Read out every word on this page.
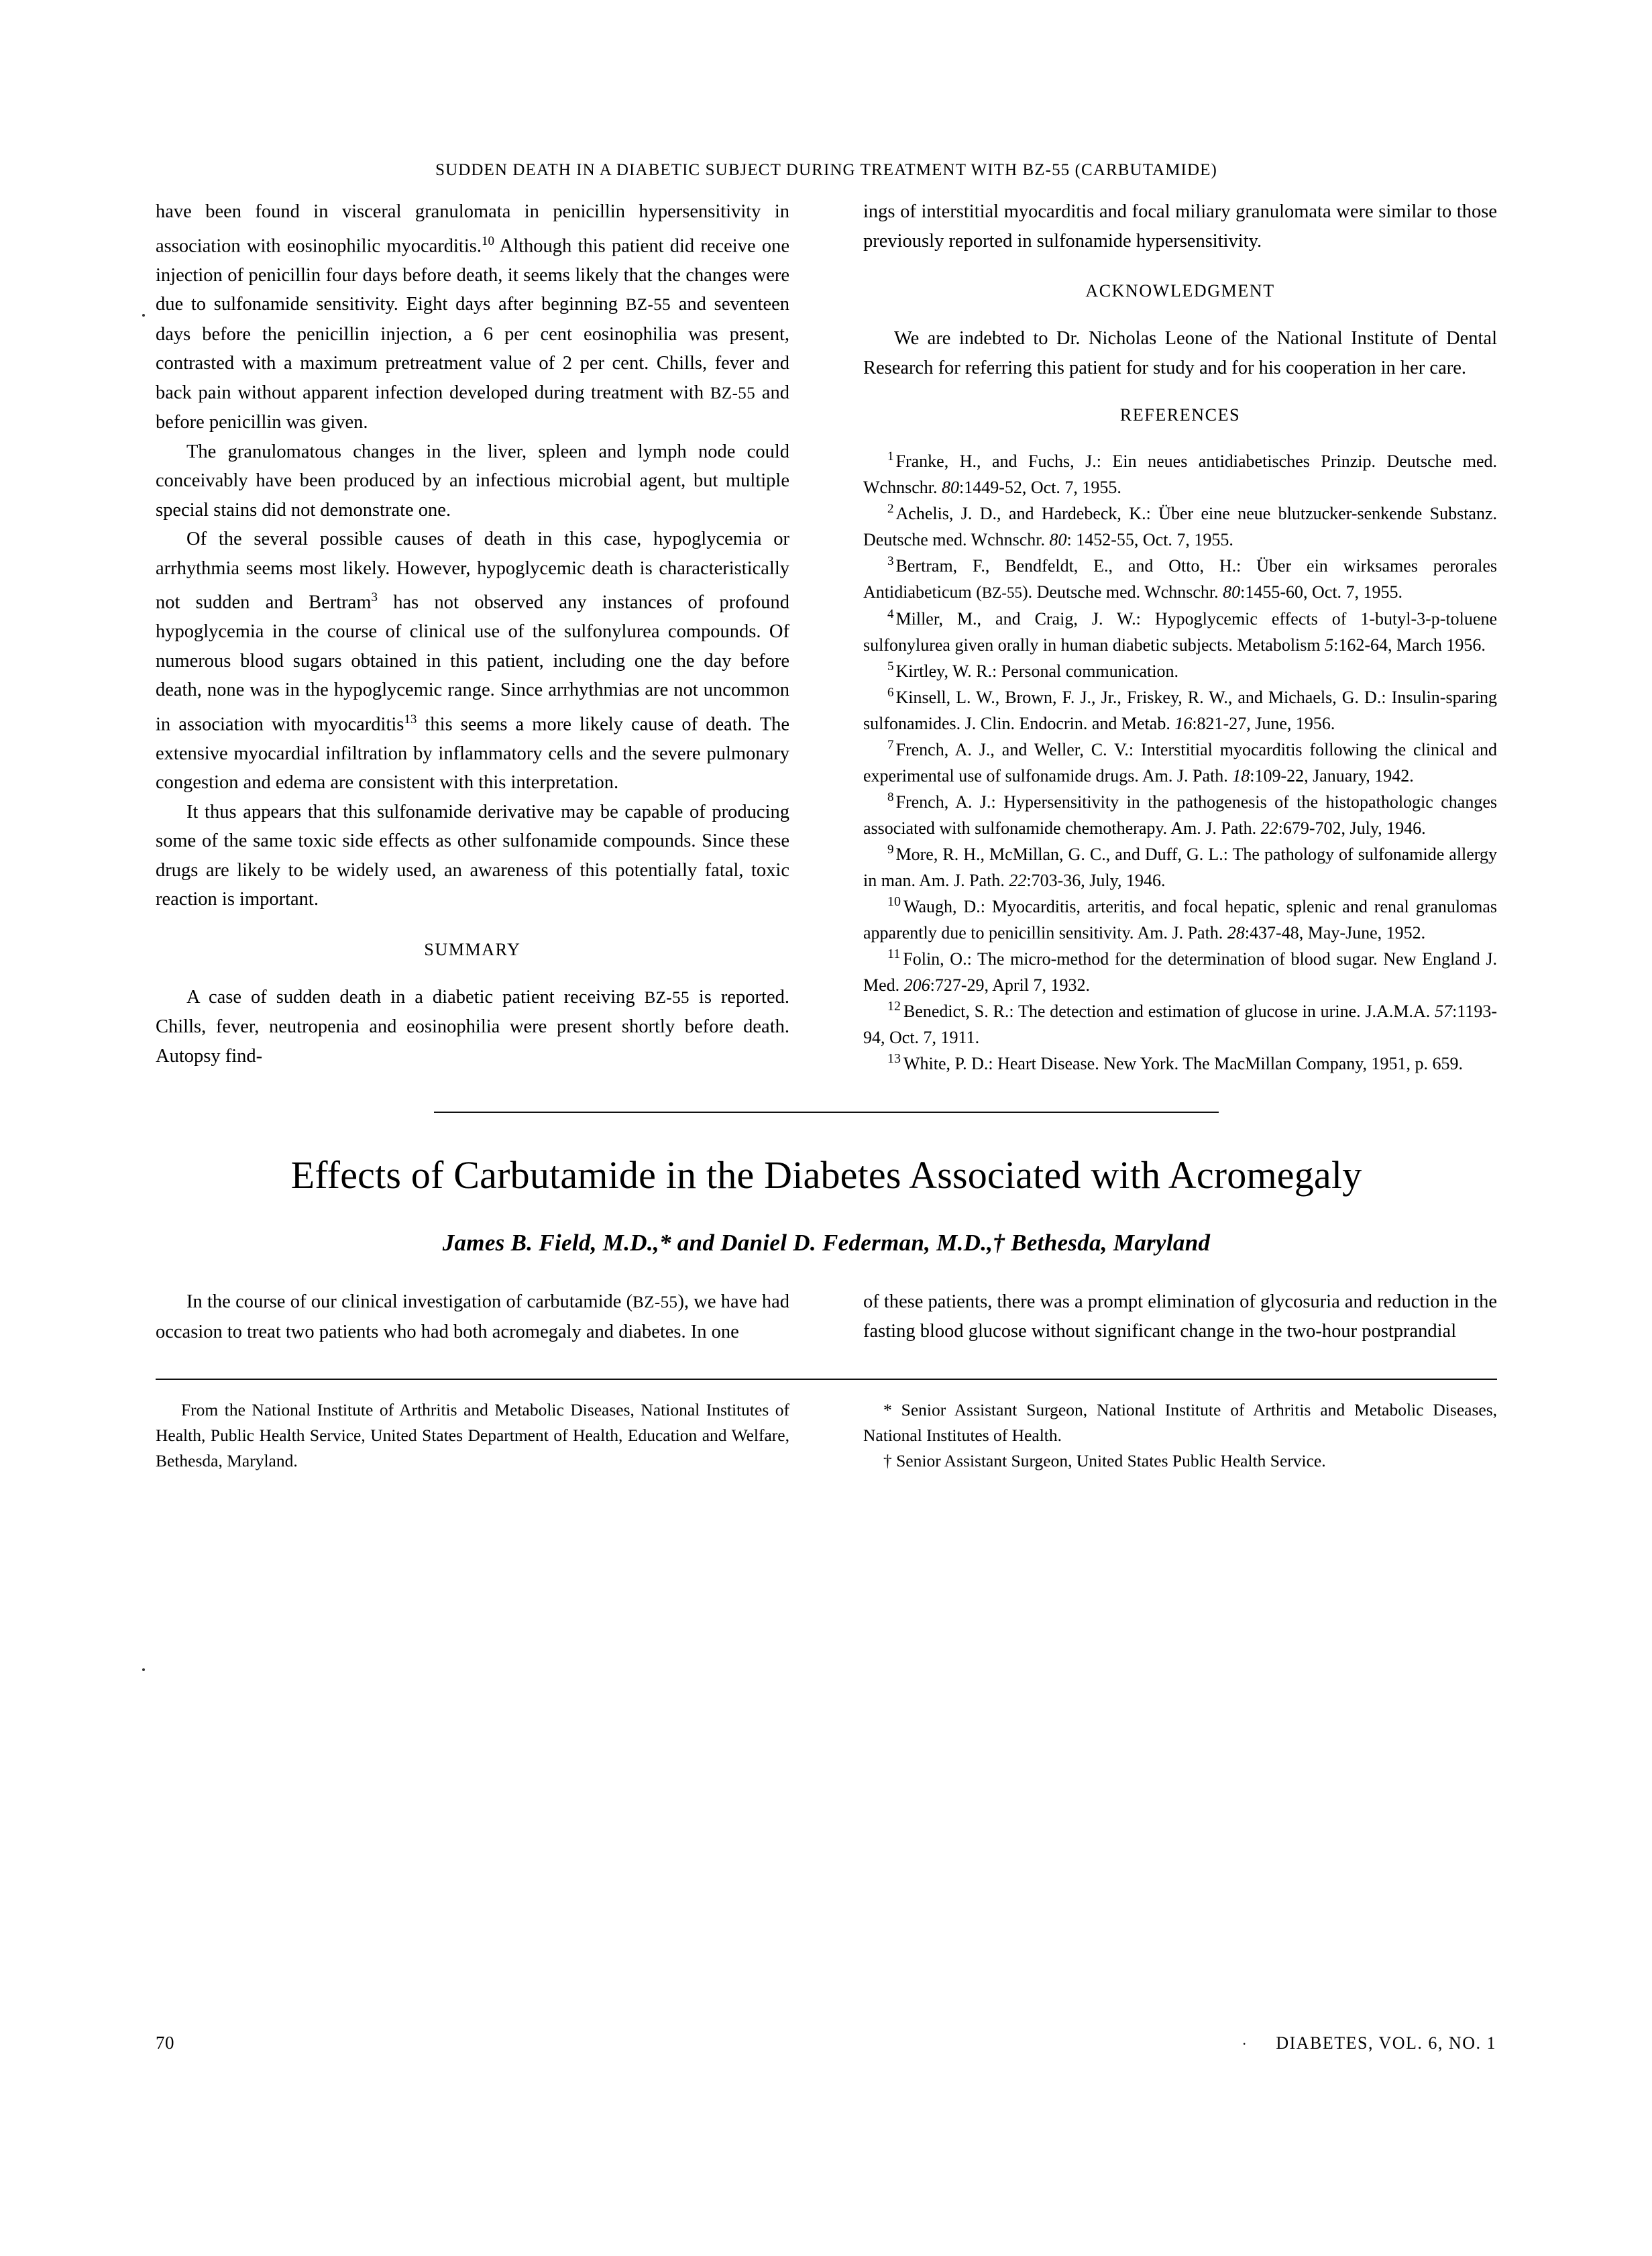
SUDDEN DEATH IN A DIABETIC SUBJECT DURING TREATMENT WITH BZ-55 (CARBUTAMIDE)

have been found in visceral granulomata in penicillin hypersensitivity in association with eosinophilic myocarditis.$^{10}$ Although this patient did receive one injection of penicillin four days before death, it seems likely that the changes were due to sulfonamide sensitivity. Eight days after beginning BZ-55 and seventeen days before the penicillin injection, a 6 per cent eosinophilia was present, contrasted with a maximum pretreatment value of 2 per cent. Chills, fever and back pain without apparent infection developed during treatment with BZ-55 and before penicillin was given.

The granulomatous changes in the liver, spleen and lymph node could conceivably have been produced by an infectious microbial agent, but multiple special stains did not demonstrate one.

Of the several possible causes of death in this case, hypoglycemia or arrhythmia seems most likely. However, hypoglycemic death is characteristically not sudden and Bertram$^3$ has not observed any instances of profound hypoglycemia in the course of clinical use of the sulfonylurea compounds. Of numerous blood sugars obtained in this patient, including one the day before death, none was in the hypoglycemic range. Since arrhythmias are not uncommon in association with myocarditis$^{13}$ this seems a more likely cause of death. The extensive myocardial infiltration by inflammatory cells and the severe pulmonary congestion and edema are consistent with this interpretation.

It thus appears that this sulfonamide derivative may be capable of producing some of the same toxic side effects as other sulfonamide compounds. Since these drugs are likely to be widely used, an awareness of this potentially fatal, toxic reaction is important.

SUMMARY

A case of sudden death in a diabetic patient receiving BZ-55 is reported. Chills, fever, neutropenia and eosinophilia were present shortly before death. Autopsy find-

ings of interstitial myocarditis and focal miliary granulomata were similar to those previously reported in sulfonamide hypersensitivity.

ACKNOWLEDGMENT

We are indebted to Dr. Nicholas Leone of the National Institute of Dental Research for referring this patient for study and for his cooperation in her care.

REFERENCES

$^1$ Franke, H., and Fuchs, J.: Ein neues antidiabetisches Prinzip. Deutsche med. Wchnschr. 80:1449-52, Oct. 7, 1955.

$^2$ Achelis, J. D., and Hardebeck, K.: Über eine neue blutzucker-senkende Substanz. Deutsche med. Wchnschr. 80: 1452-55, Oct. 7, 1955.

$^3$ Bertram, F., Bendfeldt, E., and Otto, H.: Über ein wirksames perorales Antidiabeticum (BZ-55). Deutsche med. Wchnschr. 80:1455-60, Oct. 7, 1955.

$^4$ Miller, M., and Craig, J. W.: Hypoglycemic effects of 1-butyl-3-p-toluene sulfonylurea given orally in human diabetic subjects. Metabolism 5:162-64, March 1956.

$^5$ Kirtley, W. R.: Personal communication.

$^6$ Kinsell, L. W., Brown, F. J., Jr., Friskey, R. W., and Michaels, G. D.: Insulin-sparing sulfonamides. J. Clin. Endocrin. and Metab. 16:821-27, June, 1956.

$^7$ French, A. J., and Weller, C. V.: Interstitial myocarditis following the clinical and experimental use of sulfonamide drugs. Am. J. Path. 18:109-22, January, 1942.

$^8$ French, A. J.: Hypersensitivity in the pathogenesis of the histopathologic changes associated with sulfonamide chemotherapy. Am. J. Path. 22:679-702, July, 1946.

$^9$ More, R. H., McMillan, G. C., and Duff, G. L.: The pathology of sulfonamide allergy in man. Am. J. Path. 22:703-36, July, 1946.

$^{10}$ Waugh, D.: Myocarditis, arteritis, and focal hepatic, splenic and renal granulomas apparently due to penicillin sensitivity. Am. J. Path. 28:437-48, May-June, 1952.

$^{11}$ Folin, O.: The micro-method for the determination of blood sugar. New England J. Med. 206:727-29, April 7, 1932.

$^{12}$ Benedict, S. R.: The detection and estimation of glucose in urine. J.A.M.A. 57:1193-94, Oct. 7, 1911.

$^{13}$ White, P. D.: Heart Disease. New York. The MacMillan Company, 1951, p. 659.

Effects of Carbutamide in the Diabetes Associated with Acromegaly
James B. Field, M.D.,* and Daniel D. Federman, M.D.,† Bethesda, Maryland

In the course of our clinical investigation of carbutamide (BZ-55), we have had occasion to treat two patients who had both acromegaly and diabetes. In one

of these patients, there was a prompt elimination of glycosuria and reduction in the fasting blood glucose without significant change in the two-hour postprandial

From the National Institute of Arthritis and Metabolic Diseases, National Institutes of Health, Public Health Service, United States Department of Health, Education and Welfare, Bethesda, Maryland.

* Senior Assistant Surgeon, National Institute of Arthritis and Metabolic Diseases, National Institutes of Health.

† Senior Assistant Surgeon, United States Public Health Service.

70	· DIABETES, VOL. 6, NO. 1
